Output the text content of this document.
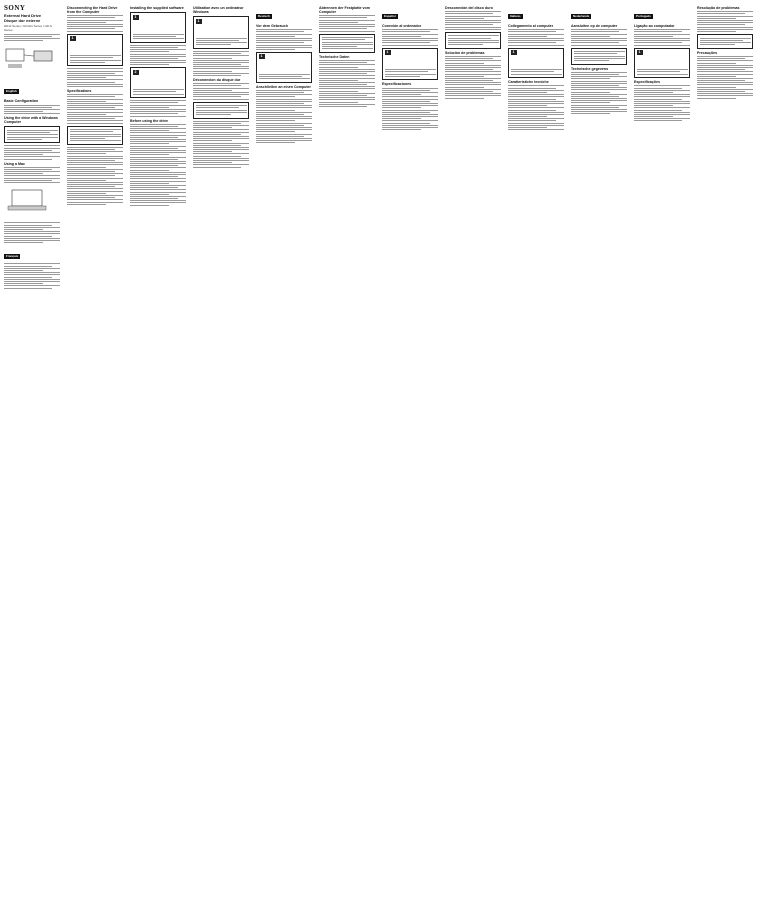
SONY
External Hard Drive
Disque dur externe
HD-E Series / HD-EG Series / HD-S Series
English
Basic Configuration
Using the drive with a Windows Computer
Using a Mac
Français
Disconnecting the Hard Drive from the Computer
1
Specifications
Installing the supplied software
1
2
Before using the drive
Utilisation avec un ordinateur Windows
1
Déconnexion du disque dur
Deutsch
Vor dem Gebrauch
1
Anschließen an einen Computer
Abtrennen der Festplatte vom Computer
Technische Daten
Español
Conexión al ordenador
1
Especificaciones
Desconexión del disco duro
Solución de problemas
Italiano
Collegamento al computer
1
Caratteristiche tecniche
Nederlands
Aansluiten op de computer
Technische gegevens
Português
Ligação ao computador
1
Especificações
Resolução de problemas
Precauções
